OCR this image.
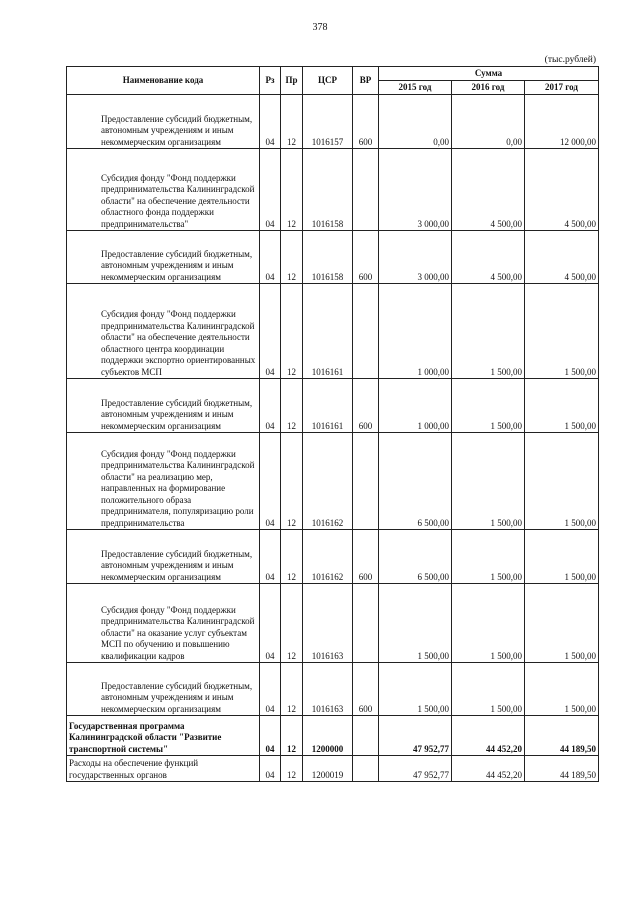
378
(тыс.рублей)
Наименование кода	Рз	Пр	ЦСР	ВР	Сумма		
					2015 год	2016 год	2017 год

Предоставление субсидий бюджетным, автономным учреждениям и иным некоммерческим организациям	04	12	1016157	600	0,00	0,00	12 000,00

Субсидия фонду "Фонд поддержки предпринимательства Калининградской области" на обеспечение деятельности областного фонда поддержки предпринимательства"	04	12	1016158		3 000,00	4 500,00	4 500,00

Предоставление субсидий бюджетным, автономным учреждениям и иным некоммерческим организациям	04	12	1016158	600	3 000,00	4 500,00	4 500,00

Субсидия фонду "Фонд поддержки предпринимательства Калининградской области" на обеспечение деятельности областного центра координации поддержки экспортно ориентированных субъектов МСП	04	12	1016161		1 000,00	1 500,00	1 500,00

Предоставление субсидий бюджетным, автономным учреждениям и иным некоммерческим организациям	04	12	1016161	600	1 000,00	1 500,00	1 500,00

Субсидия фонду "Фонд поддержки предпринимательства Калининградской области" на реализацию мер, направленных на формирование положительного образа предпринимателя, популяризацию роли предпринимательства	04	12	1016162		6 500,00	1 500,00	1 500,00

Предоставление субсидий бюджетным, автономным учреждениям и иным некоммерческим организациям	04	12	1016162	600	6 500,00	1 500,00	1 500,00

Субсидия фонду "Фонд поддержки предпринимательства Калининградской области" на оказание услуг субъектам МСП по обучению и повышению квалификации кадров	04	12	1016163		1 500,00	1 500,00	1 500,00

Предоставление субсидий бюджетным, автономным учреждениям и иным некоммерческим организациям	04	12	1016163	600	1 500,00	1 500,00	1 500,00
Государственная программа Калининградской области "Развитие транспортной системы"	04	12	1200000		47 952,77	44 452,20	44 189,50
Расходы на обеспечение функций государственных органов	04	12	1200019		47 952,77	44 452,20	44 189,50
